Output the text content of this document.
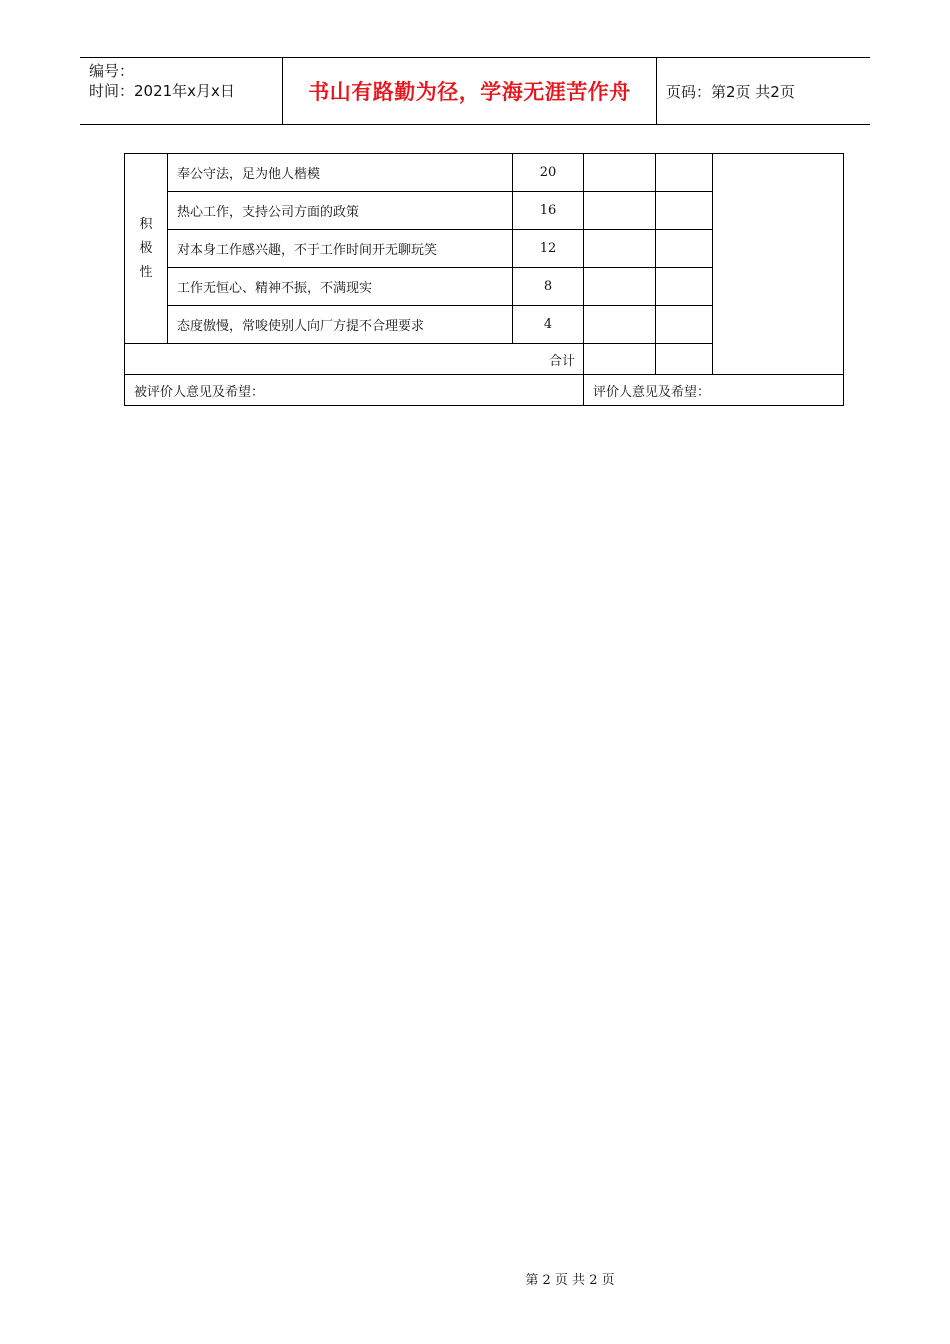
编号：
时间：2021年x月x日	书山有路勤为径，学海无涯苦作舟	页码：第2页 共2页
积极性	奉公守法，足为他人楷模	20			
	热心工作，支持公司方面的政策	16			
	对本身工作感兴趣，不于工作时间开无聊玩笑	12			
	工作无恒心、精神不振，不满现实	8			
	态度傲慢，常唆使别人向厂方提不合理要求	4			
合计					
被评价人意见及希望：			评价人意见及希望：		
第 2 页 共 2 页
